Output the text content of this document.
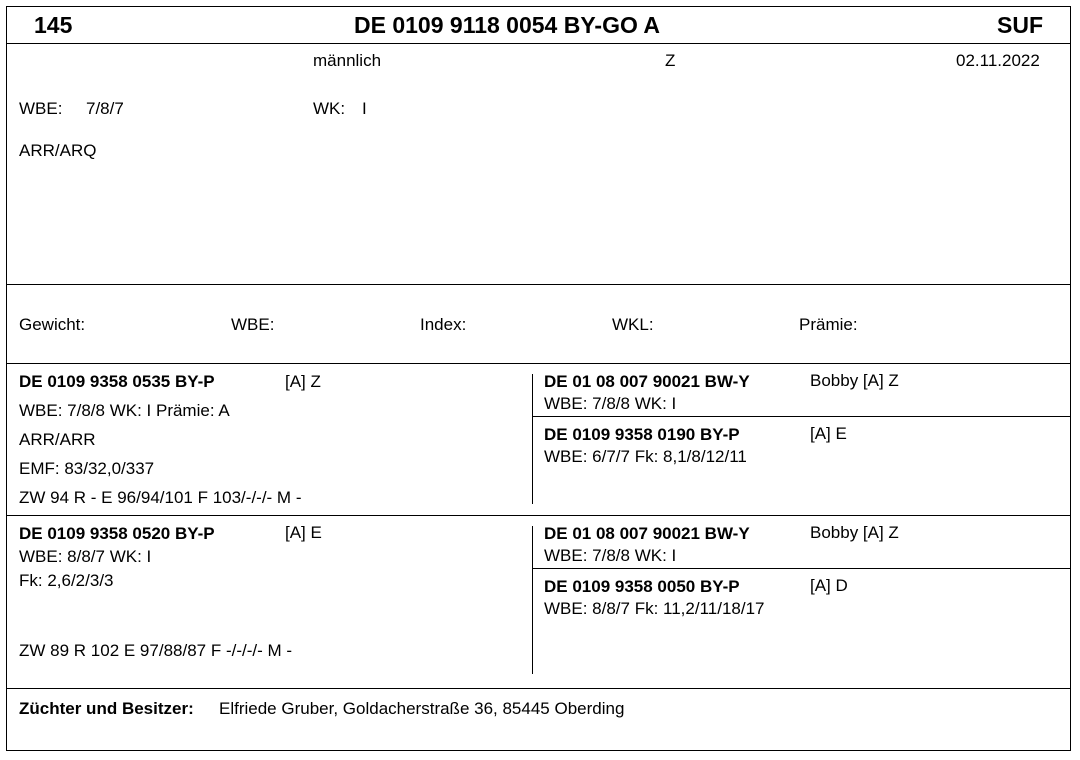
145	DE 0109 9118 0054 BY-GO A	SUF
männlich	Z	02.11.2022
WBE: 7/8/7	WK: I
ARR/ARQ
Gewicht:	WBE:	Index:	WKL:	Prämie:
DE 0109 9358 0535 BY-P	[A] Z
WBE: 7/8/8 WK: I Prämie: A
ARR/ARR
EMF: 83/32,0/337
ZW 94 R - E 96/94/101 F 103/-/-/- M -
DE 01 08 007 90021 BW-Y	Bobby [A] Z
WBE: 7/8/8 WK: I
DE 0109 9358 0190 BY-P	[A] E
WBE: 6/7/7 Fk: 8,1/8/12/11
DE 0109 9358 0520 BY-P	[A] E
WBE: 8/8/7 WK: I
Fk: 2,6/2/3/3
ZW 89 R 102 E 97/88/87 F -/-/-/- M -
DE 01 08 007 90021 BW-Y	Bobby [A] Z
WBE: 7/8/8 WK: I
DE 0109 9358 0050 BY-P	[A] D
WBE: 8/8/7 Fk: 11,2/11/18/17
Züchter und Besitzer: Elfriede Gruber, Goldacherstraße 36, 85445 Oberding
